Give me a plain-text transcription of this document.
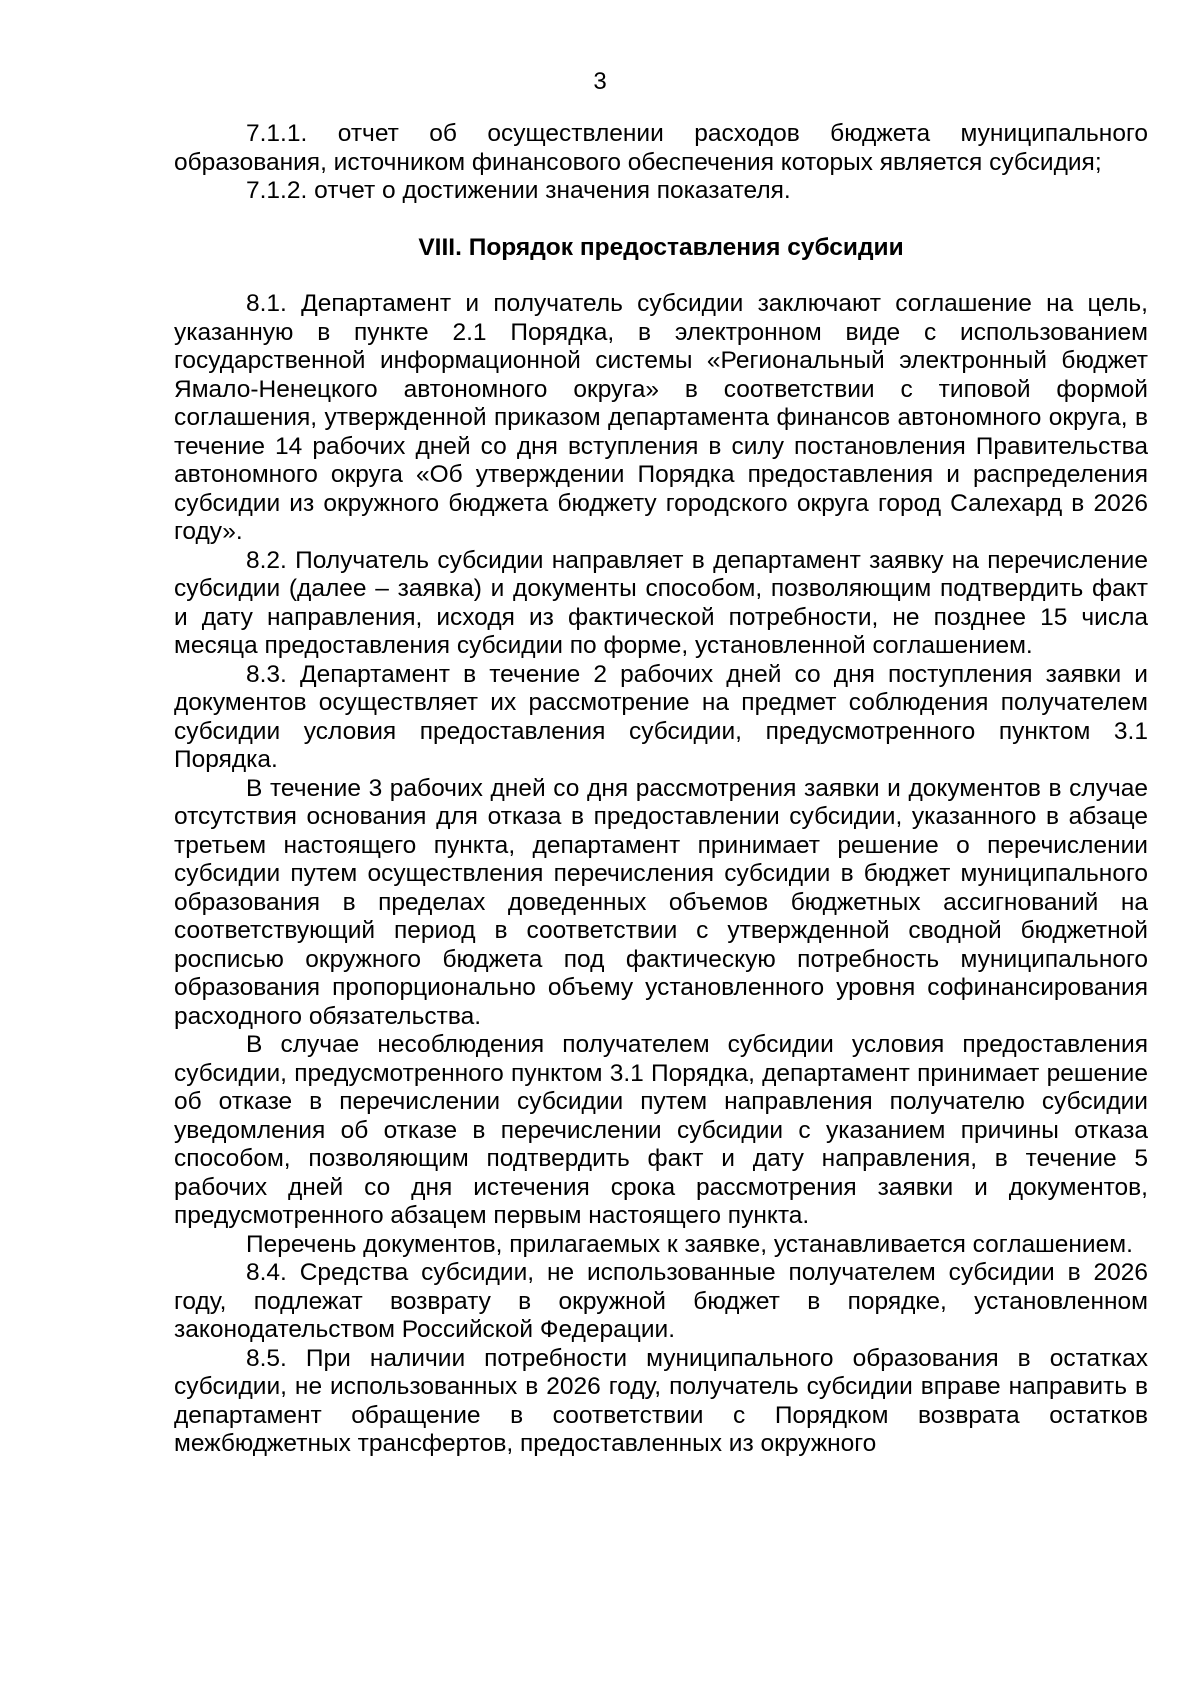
3

7.1.1. отчет об осуществлении расходов бюджета муниципального образования, источником финансового обеспечения которых является субсидия;

7.1.2. отчет о достижении значения показателя.

VIII. Порядок предоставления субсидии

8.1. Департамент и получатель субсидии заключают соглашение на цель, указанную в пункте 2.1 Порядка, в электронном виде с использованием государственной информационной системы «Региональный электронный бюджет Ямало-Ненецкого автономного округа» в соответствии с типовой формой соглашения, утвержденной приказом департамента финансов автономного округа, в течение 14 рабочих дней со дня вступления в силу постановления Правительства автономного округа «Об утверждении Порядка предоставления и распределения субсидии из окружного бюджета бюджету городского округа город Салехард в 2026 году».

8.2. Получатель субсидии направляет в департамент заявку на перечисление субсидии (далее – заявка) и документы способом, позволяющим подтвердить факт и дату направления, исходя из фактической потребности, не позднее 15 числа месяца предоставления субсидии по форме, установленной соглашением.

8.3. Департамент в течение 2 рабочих дней со дня поступления заявки и документов осуществляет их рассмотрение на предмет соблюдения получателем субсидии условия предоставления субсидии, предусмотренного пунктом 3.1 Порядка.

В течение 3 рабочих дней со дня рассмотрения заявки и документов в случае отсутствия основания для отказа в предоставлении субсидии, указанного в абзаце третьем настоящего пункта, департамент принимает решение о перечислении субсидии путем осуществления перечисления субсидии в бюджет муниципального образования в пределах доведенных объемов бюджетных ассигнований на соответствующий период в соответствии с утвержденной сводной бюджетной росписью окружного бюджета под фактическую потребность муниципального образования пропорционально объему установленного уровня софинансирования расходного обязательства.

В случае несоблюдения получателем субсидии условия предоставления субсидии, предусмотренного пунктом 3.1 Порядка, департамент принимает решение об отказе в перечислении субсидии путем направления получателю субсидии уведомления об отказе в перечислении субсидии с указанием причины отказа способом, позволяющим подтвердить факт и дату направления, в течение 5 рабочих дней со дня истечения срока рассмотрения заявки и документов, предусмотренного абзацем первым настоящего пункта.

Перечень документов, прилагаемых к заявке, устанавливается соглашением.

8.4. Средства субсидии, не использованные получателем субсидии в 2026 году, подлежат возврату в окружной бюджет в порядке, установленном законодательством Российской Федерации.

8.5. При наличии потребности муниципального образования в остатках субсидии, не использованных в 2026 году, получатель субсидии вправе направить в департамент обращение в соответствии с Порядком возврата остатков межбюджетных трансфертов, предоставленных из окружного
